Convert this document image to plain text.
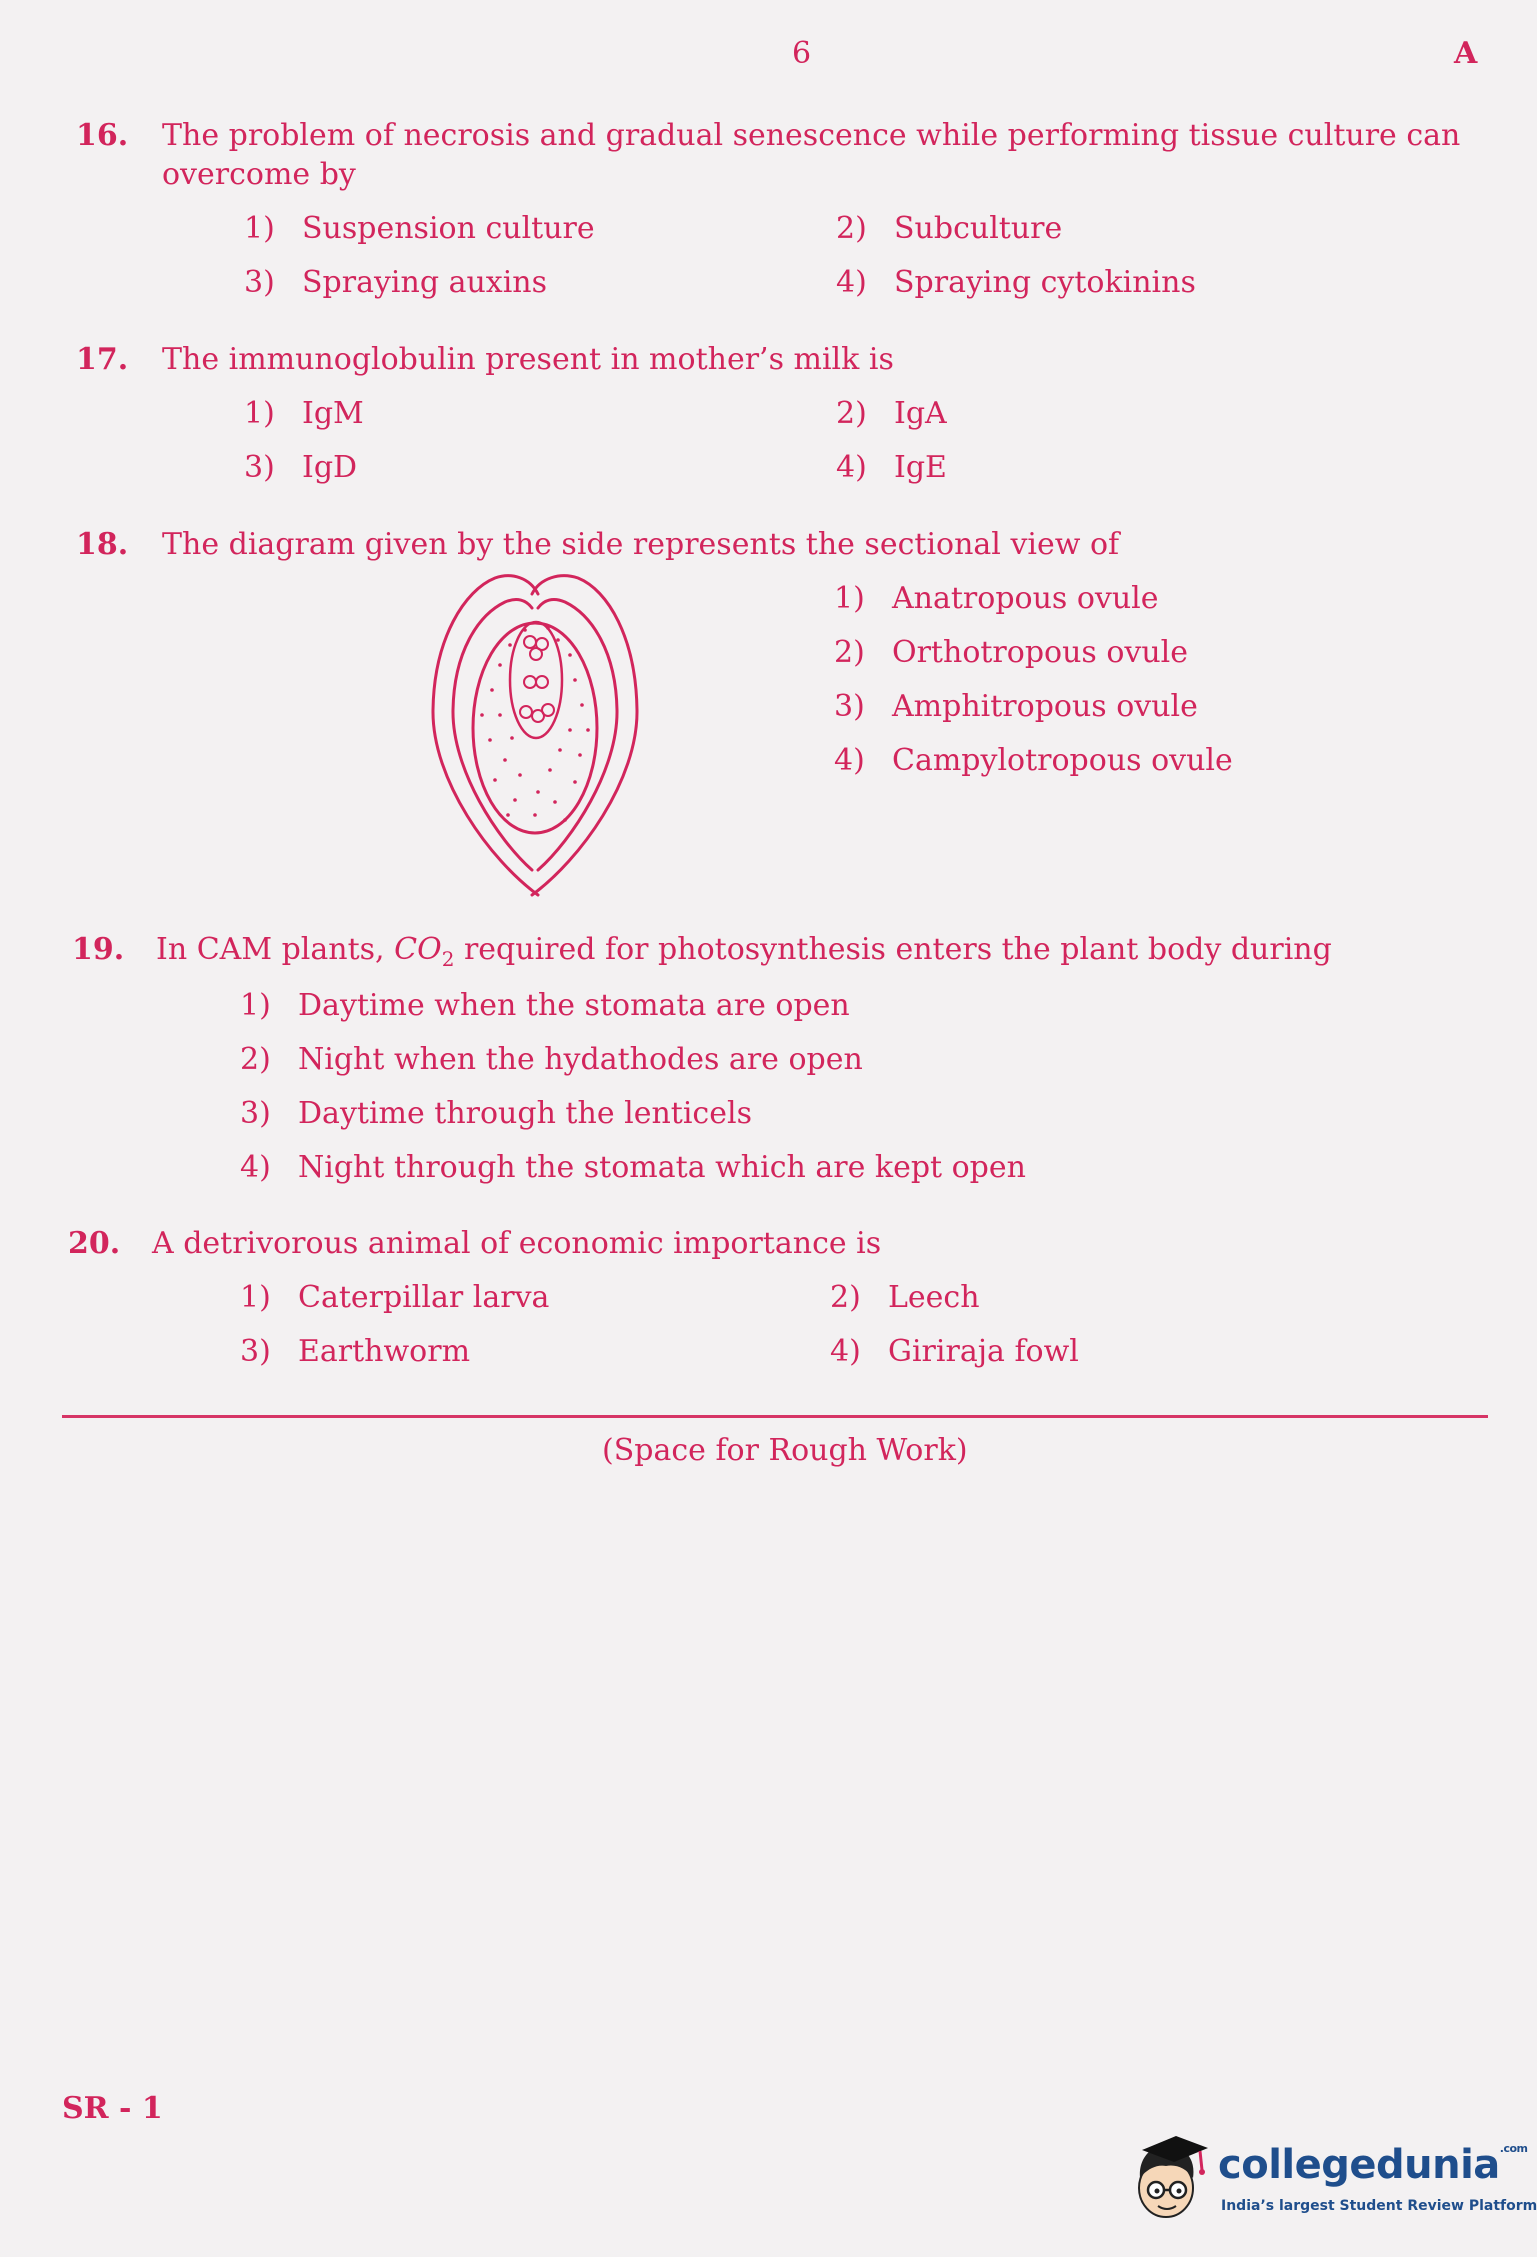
6	A
16. The problem of necrosis and gradual senescence while performing tissue culture can
overcome by
1) Suspension culture	2) Subculture
3) Spraying auxins	4) Spraying cytokinins
17. The immunoglobulin present in mother’s milk is
1) IgM	2) IgA
3) IgD	4) IgE
18. The diagram given by the side represents the sectional view of
1) Anatropous ovule
2) Orthotropous ovule
3) Amphitropous ovule
4) Campylotropous ovule
19. In CAM plants, $CO_2$ required for photosynthesis enters the plant body during
1) Daytime when the stomata are open
2) Night when the hydathodes are open
3) Daytime through the lenticels
4) Night through the stomata which are kept open
20. A detrivorous animal of economic importance is
1) Caterpillar larva	2) Leech
3) Earthworm	4) Giriraja fowl
(Space for Rough Work)
SR - 1
collegedunia$^{.com}$
India’s largest Student Review Platform
